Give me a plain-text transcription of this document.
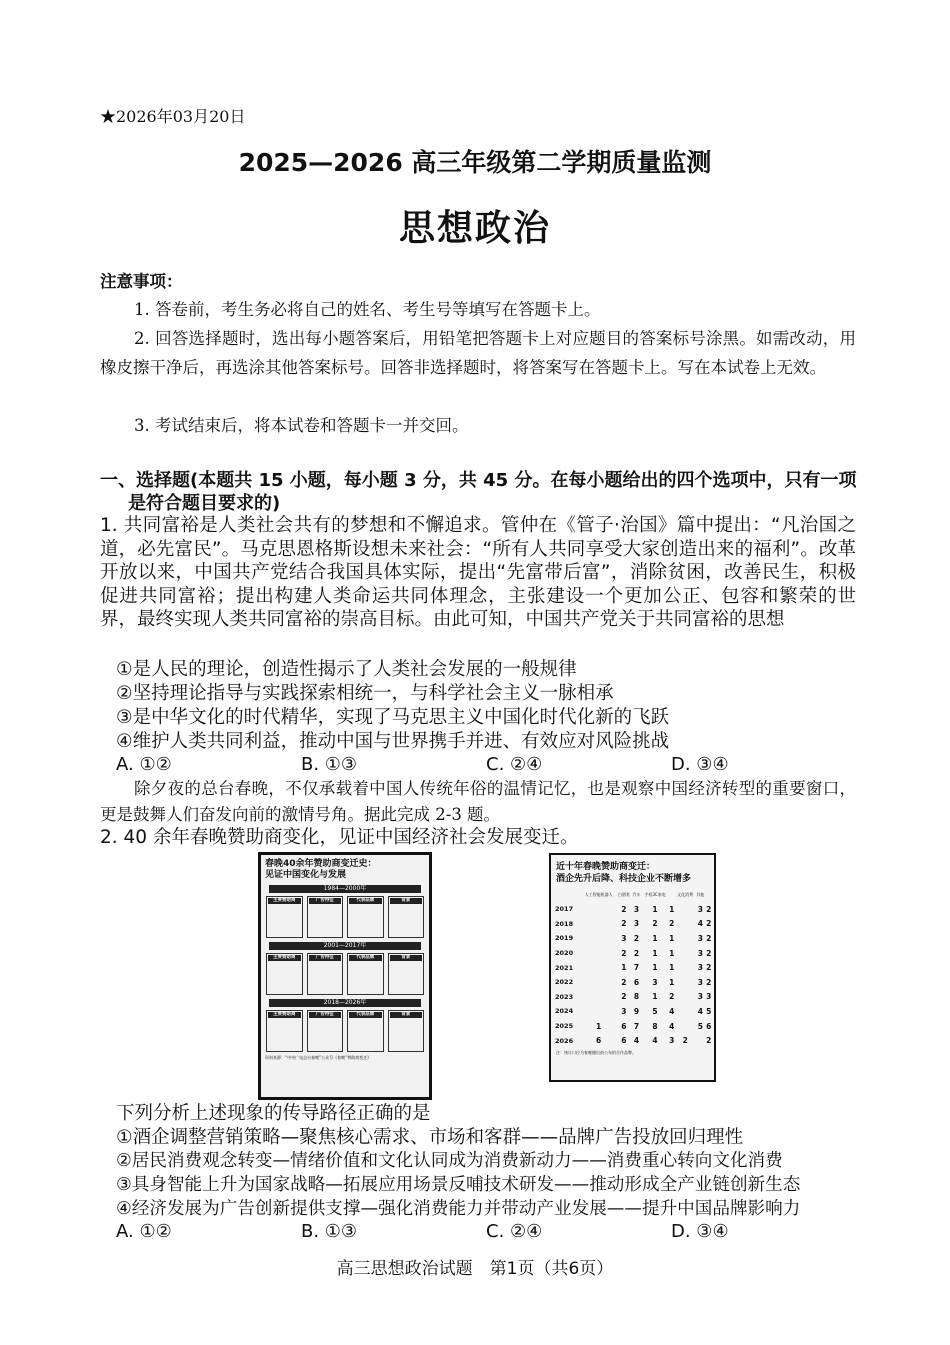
★2026年03月20日
2025—2026 高三年级第二学期质量监测
思想政治
注意事项：
1. 答卷前，考生务必将自己的姓名、考生号等填写在答题卡上。
2. 回答选择题时，选出每小题答案后，用铅笔把答题卡上对应题目的答案标号涂黑。如需改动，用橡皮擦干净后，再选涂其他答案标号。回答非选择题时，将答案写在答题卡上。写在本试卷上无效。
3. 考试结束后，将本试卷和答题卡一并交回。
一、选择题(本题共 15 小题，每小题 3 分，共 45 分。在每小题给出的四个选项中，只有一项
是符合题目要求的)
1. 共同富裕是人类社会共有的梦想和不懈追求。管仲在《管子·治国》篇中提出：“凡治国之道，必先富民”。马克思恩格斯设想未来社会：“所有人共同享受大家创造出来的福利”。改革开放以来，中国共产党结合我国具体实际，提出“先富带后富”，消除贫困，改善民生，积极促进共同富裕；提出构建人类命运共同体理念，主张建设一个更加公正、包容和繁荣的世界，最终实现人类共同富裕的崇高目标。由此可知，中国共产党关于共同富裕的思想
①是人民的理论，创造性揭示了人类社会发展的一般规律
②坚持理论指导与实践探索相统一，与科学社会主义一脉相承
③是中华文化的时代精华，实现了马克思主义中国化时代化新的飞跃
④维护人类共同利益，推动中国与世界携手并进、有效应对风险挑战
A. ①②	B. ①③	C. ②④	D. ③④
除夕夜的总台春晚，不仅承载着中国人传统年俗的温情记忆，也是观察中国经济转型的重要窗口，更是鼓舞人们奋发向前的激情号角。据此完成 2-3 题。
2. 40 余年春晚赞助商变化，见证中国经济社会发展变迁。
春晚40余年赞助商变迁史：
见证中国变化与发展
1984—2000年
主要赞助商	广告特征	代表品牌	背景
2001—2017年
主要赞助商	广告特征	代表品牌	背景
2018—2026年
主要赞助商	广告特征	代表品牌	背景
资料来源：“中央广电总台春晚”公众号《春晚”赞助商变迁》
近十年春晚赞助商变迁：
酒企先升后降、科技企业不断增多
	人工智能机器人	白酒类	汽车	手机3C家电		文化消费	其他	
2017		2	3	1	1		3	2
2018		2	3	2	2		4	2
2019		3	2	1	1		3	2
2020		2	2	1	1		3	2
2021		1	7	1	1		3	2
2022		2	6	3	1		3	2
2023		2	8	1	2		3	3
2024		3	9	5	4		4	5
2025	1	6	7	8	4		5	6
2026	6	6	4	4	3	2		2
注：统计口径为春晚播出前公布的合作品牌。
下列分析上述现象的传导路径正确的是
①酒企调整营销策略—聚焦核心需求、市场和客群——品牌广告投放回归理性
②居民消费观念转变—情绪价值和文化认同成为消费新动力——消费重心转向文化消费
③具身智能上升为国家战略—拓展应用场景反哺技术研发——推动形成全产业链创新生态
④经济发展为广告创新提供支撑—强化消费能力并带动产业发展——提升中国品牌影响力
A. ①②	B. ①③	C. ②④	D. ③④
高三思想政治试题　第1页（共6页）
